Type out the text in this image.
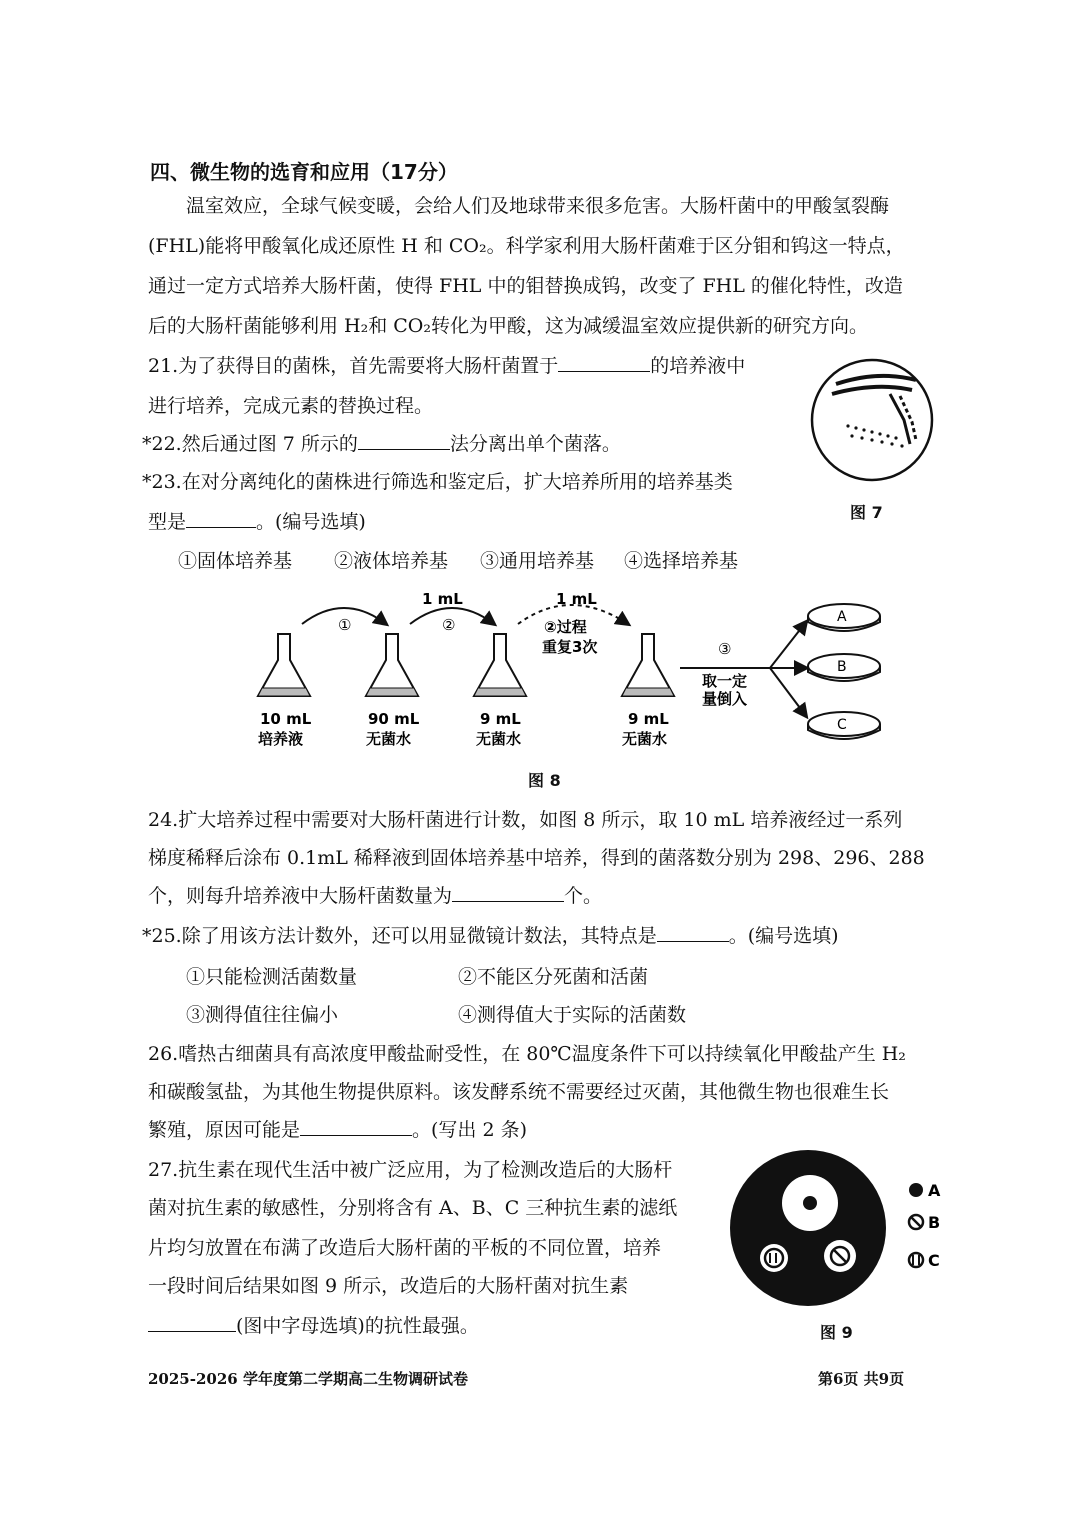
四、微生物的选育和应用（17分）
温室效应，全球气候变暖，会给人们及地球带来很多危害。大肠杆菌中的甲酸氢裂酶
(FHL)能将甲酸氧化成还原性 H 和 CO₂。科学家利用大肠杆菌难于区分钼和钨这一特点，
通过一定方式培养大肠杆菌，使得 FHL 中的钼替换成钨，改变了 FHL 的催化特性，改造
后的大肠杆菌能够利用 H₂和 CO₂转化为甲酸，这为减缓温室效应提供新的研究方向。
21.为了获得目的菌株，首先需要将大肠杆菌置于	的培养液中
进行培养，完成元素的替换过程。
*22.然后通过图 7 所示的	法分离出单个菌落。
*23.在对分离纯化的菌株进行筛选和鉴定后，扩大培养所用的培养基类
型是	。(编号选填)
①固体培养基 ②液体培养基 ③通用培养基 ④选择培养基
图 7
①	②
1 mL	1 mL
②过程
重复3次
10 mL
培养液
90 mL
无菌水
9 mL
无菌水
9 mL
无菌水
③
取一定
量倒入
A
B
C
图 8
24.扩大培养过程中需要对大肠杆菌进行计数，如图 8 所示，取 10 mL 培养液经过一系列
梯度稀释后涂布 0.1mL 稀释液到固体培养基中培养，得到的菌落数分别为 298、296、288
个，则每升培养液中大肠杆菌数量为	个。
*25.除了用该方法计数外，还可以用显微镜计数法，其特点是	。(编号选填)
①只能检测活菌数量	②不能区分死菌和活菌
③测得值往往偏小	④测得值大于实际的活菌数
26.嗜热古细菌具有高浓度甲酸盐耐受性，在 80℃温度条件下可以持续氧化甲酸盐产生 H₂
和碳酸氢盐，为其他生物提供原料。该发酵系统不需要经过灭菌，其他微生物也很难生长
繁殖，原因可能是	。(写出 2 条)
27.抗生素在现代生活中被广泛应用，为了检测改造后的大肠杆
菌对抗生素的敏感性，分别将含有 A、B、C 三种抗生素的滤纸
片均匀放置在布满了改造后大肠杆菌的平板的不同位置，培养
一段时间后结果如图 9 所示，改造后的大肠杆菌对抗生素
(图中字母选填)的抗性最强。
A
B
C
图 9
2025-2026 学年度第二学期高二生物调研试卷	第6页 共9页
